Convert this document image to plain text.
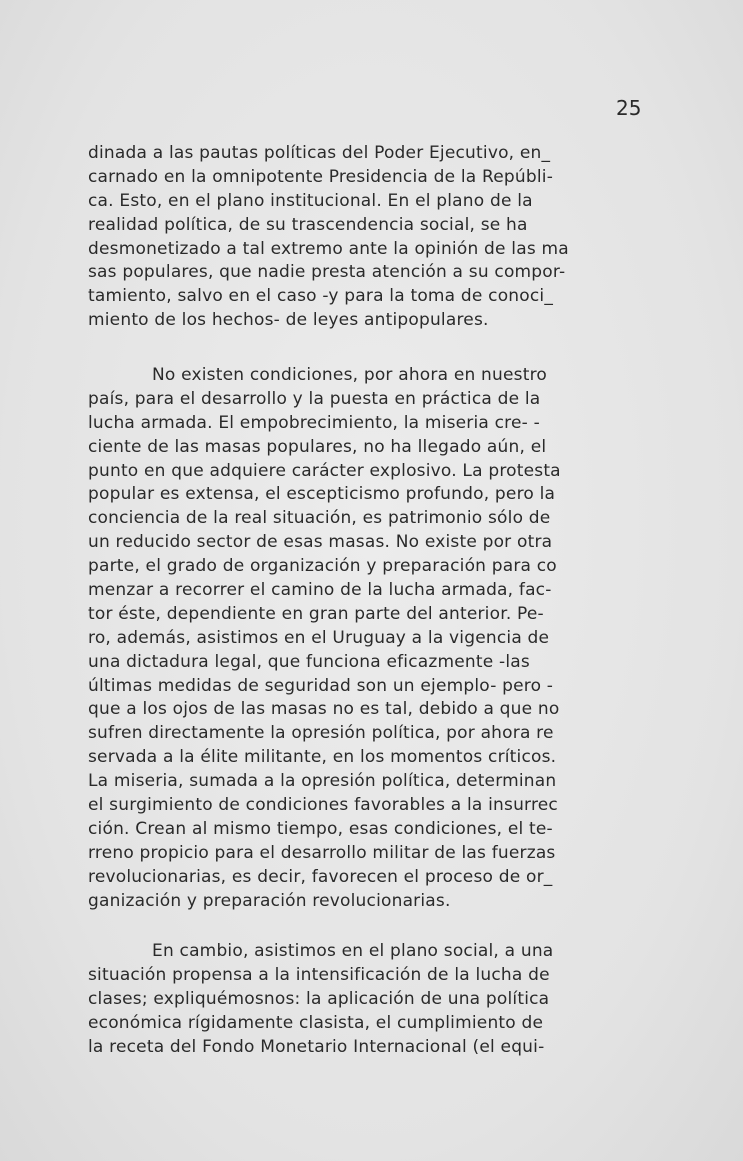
25
dinada a las pautas políticas del Poder Ejecutivo, en_
carnado en la omnipotente Presidencia de la Repúbli-
ca. Esto, en el plano institucional. En el plano de la
realidad política, de su trascendencia social, se ha
desmonetizado a tal extremo ante la opinión de las ma
sas populares, que nadie presta atención a su compor-
tamiento, salvo en el caso -y para la toma de conoci_
miento de los hechos- de leyes antipopulares.
No existen condiciones, por ahora en nuestro
país, para el desarrollo y la puesta en práctica de la
lucha armada. El empobrecimiento, la miseria cre- -
ciente de las masas populares, no ha llegado aún, el
punto en que adquiere carácter explosivo. La protesta
popular es extensa, el escepticismo profundo, pero la
conciencia de la real situación, es patrimonio sólo de
un reducido sector de esas masas. No existe por otra
parte, el grado de organización y preparación para co
menzar a recorrer el camino de la lucha armada, fac-
tor éste, dependiente en gran parte del anterior. Pe-
ro, además, asistimos en el Uruguay a la vigencia de
una dictadura legal, que funciona eficazmente -las
últimas medidas de seguridad son un ejemplo- pero -
que a los ojos de las masas no es tal, debido a que no
sufren directamente la opresión política, por ahora re
servada a la élite militante, en los momentos críticos.
La miseria, sumada a la opresión política, determinan
el surgimiento de condiciones favorables a la insurrec
ción. Crean al mismo tiempo, esas condiciones, el te-
rreno propicio para el desarrollo militar de las fuerzas
revolucionarias, es decir, favorecen el proceso de or_
ganización y preparación revolucionarias.
En cambio, asistimos en el plano social, a una
situación propensa a la intensificación de la lucha de
clases; expliquémosnos: la aplicación de una política
económica rígidamente clasista, el cumplimiento de
la receta del Fondo Monetario Internacional (el equi-
